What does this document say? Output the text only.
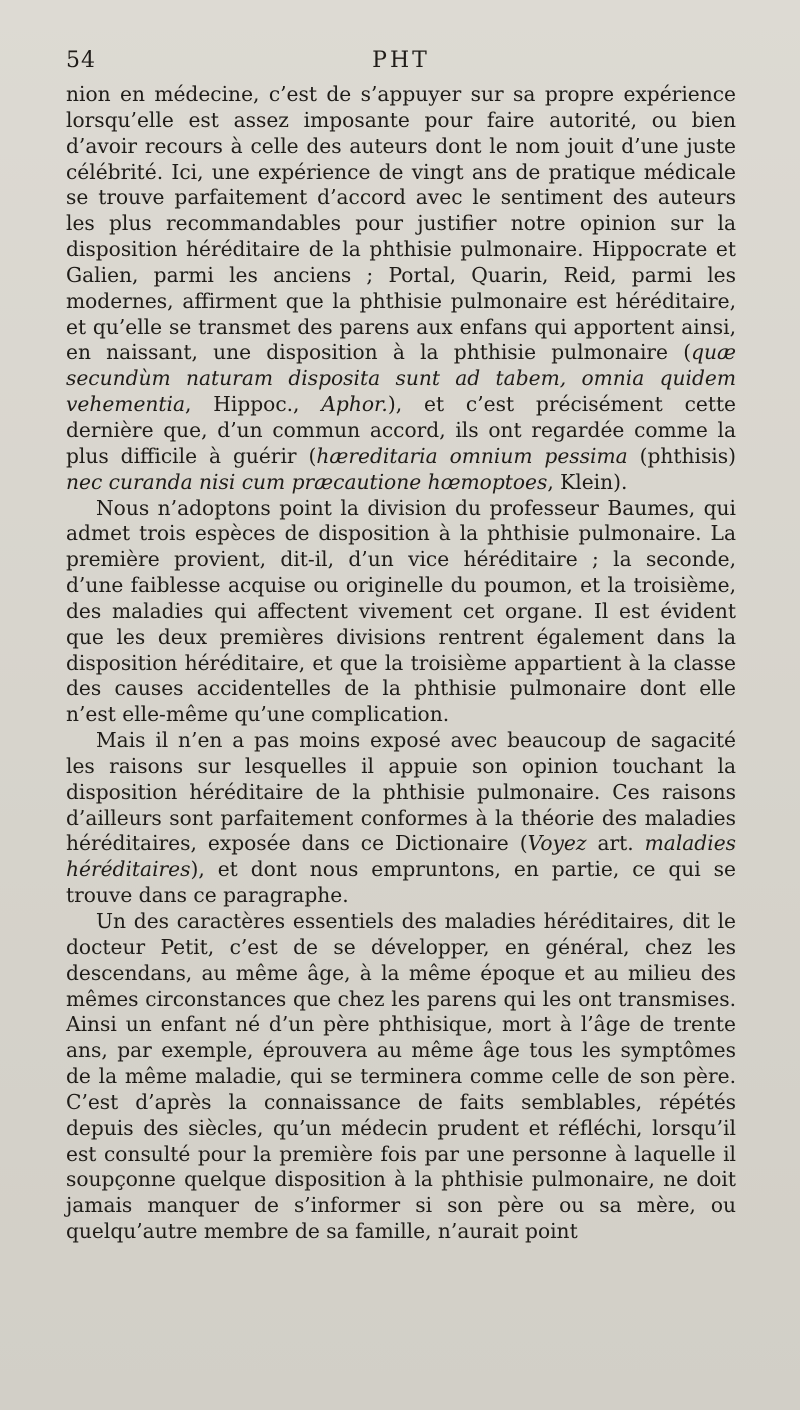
54	PHT

nion en médecine, c’est de s’appuyer sur sa propre expérience lorsqu’elle est assez imposante pour faire autorité, ou bien d’avoir recours à celle des auteurs dont le nom jouit d’une juste célébrité. Ici, une expérience de vingt ans de pratique médicale se trouve parfaitement d’accord avec le sentiment des auteurs les plus recommandables pour justifier notre opinion sur la disposition héréditaire de la phthisie pulmonaire. Hippocrate et Galien, parmi les anciens ; Portal, Quarin, Reid, parmi les modernes, affirment que la phthisie pulmonaire est héréditaire, et qu’elle se transmet des parens aux enfans qui apportent ainsi, en naissant, une disposition à la phthisie pulmonaire (quæ secundùm naturam disposita sunt ad tabem, omnia quidem vehementia, Hippoc., Aphor.), et c’est précisément cette dernière que, d’un commun accord, ils ont regardée comme la plus difficile à guérir (hæreditaria omnium pessima (phthisis) nec curanda nisi cum præcautione hœmoptoes, Klein).

Nous n’adoptons point la division du professeur Baumes, qui admet trois espèces de disposition à la phthisie pulmonaire. La première provient, dit-il, d’un vice héréditaire ; la seconde, d’une faiblesse acquise ou originelle du poumon, et la troisième, des maladies qui affectent vivement cet organe. Il est évident que les deux premières divisions rentrent également dans la disposition héréditaire, et que la troisième appartient à la classe des causes accidentelles de la phthisie pulmonaire dont elle n’est elle-même qu’une complication.

Mais il n’en a pas moins exposé avec beaucoup de sagacité les raisons sur lesquelles il appuie son opinion touchant la disposition héréditaire de la phthisie pulmonaire. Ces raisons d’ailleurs sont parfaitement conformes à la théorie des maladies héréditaires, exposée dans ce Dictionaire (Voyez art. maladies héréditaires), et dont nous empruntons, en partie, ce qui se trouve dans ce paragraphe.

Un des caractères essentiels des maladies héréditaires, dit le docteur Petit, c’est de se développer, en général, chez les descendans, au même âge, à la même époque et au milieu des mêmes circonstances que chez les parens qui les ont transmises. Ainsi un enfant né d’un père phthisique, mort à l’âge de trente ans, par exemple, éprouvera au même âge tous les symptômes de la même maladie, qui se terminera comme celle de son père. C’est d’après la connaissance de faits semblables, répétés depuis des siècles, qu’un médecin prudent et réfléchi, lorsqu’il est consulté pour la première fois par une personne à laquelle il soupçonne quelque disposition à la phthisie pulmonaire, ne doit jamais manquer de s’informer si son père ou sa mère, ou quelqu’autre membre de sa famille, n’aurait point
